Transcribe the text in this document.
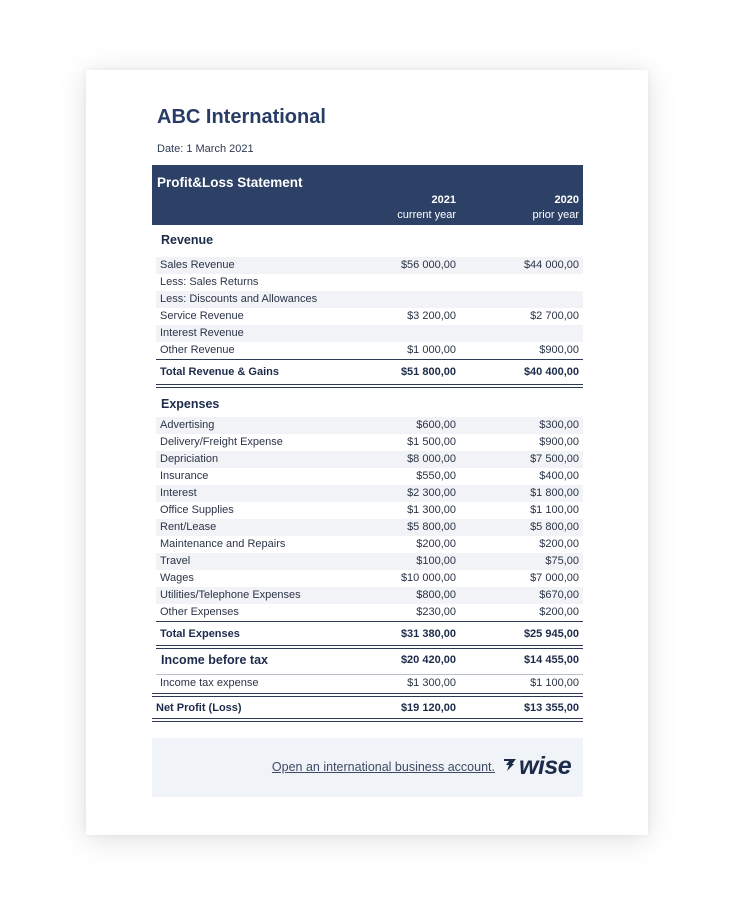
ABC International
Date: 1 March 2021
Profit&Loss Statement
2021	2020
current year	prior year
Revenue
Sales Revenue	$56 000,00	$44 000,00
Less: Sales Returns
Less: Discounts and Allowances
Service Revenue	$3 200,00	$2 700,00
Interest Revenue
Other Revenue	$1 000,00	$900,00
Total Revenue & Gains	$51 800,00	$40 400,00
Expenses
Advertising	$600,00	$300,00
Delivery/Freight Expense	$1 500,00	$900,00
Depriciation	$8 000,00	$7 500,00
Insurance	$550,00	$400,00
Interest	$2 300,00	$1 800,00
Office Supplies	$1 300,00	$1 100,00
Rent/Lease	$5 800,00	$5 800,00
Maintenance and Repairs	$200,00	$200,00
Travel	$100,00	$75,00
Wages	$10 000,00	$7 000,00
Utilities/Telephone Expenses	$800,00	$670,00
Other Expenses	$230,00	$200,00
Total Expenses	$31 380,00	$25 945,00
Income before tax	$20 420,00	$14 455,00
Income tax expense	$1 300,00	$1 100,00
Net Profit (Loss)	$19 120,00	$13 355,00
Open an international business account. wise
